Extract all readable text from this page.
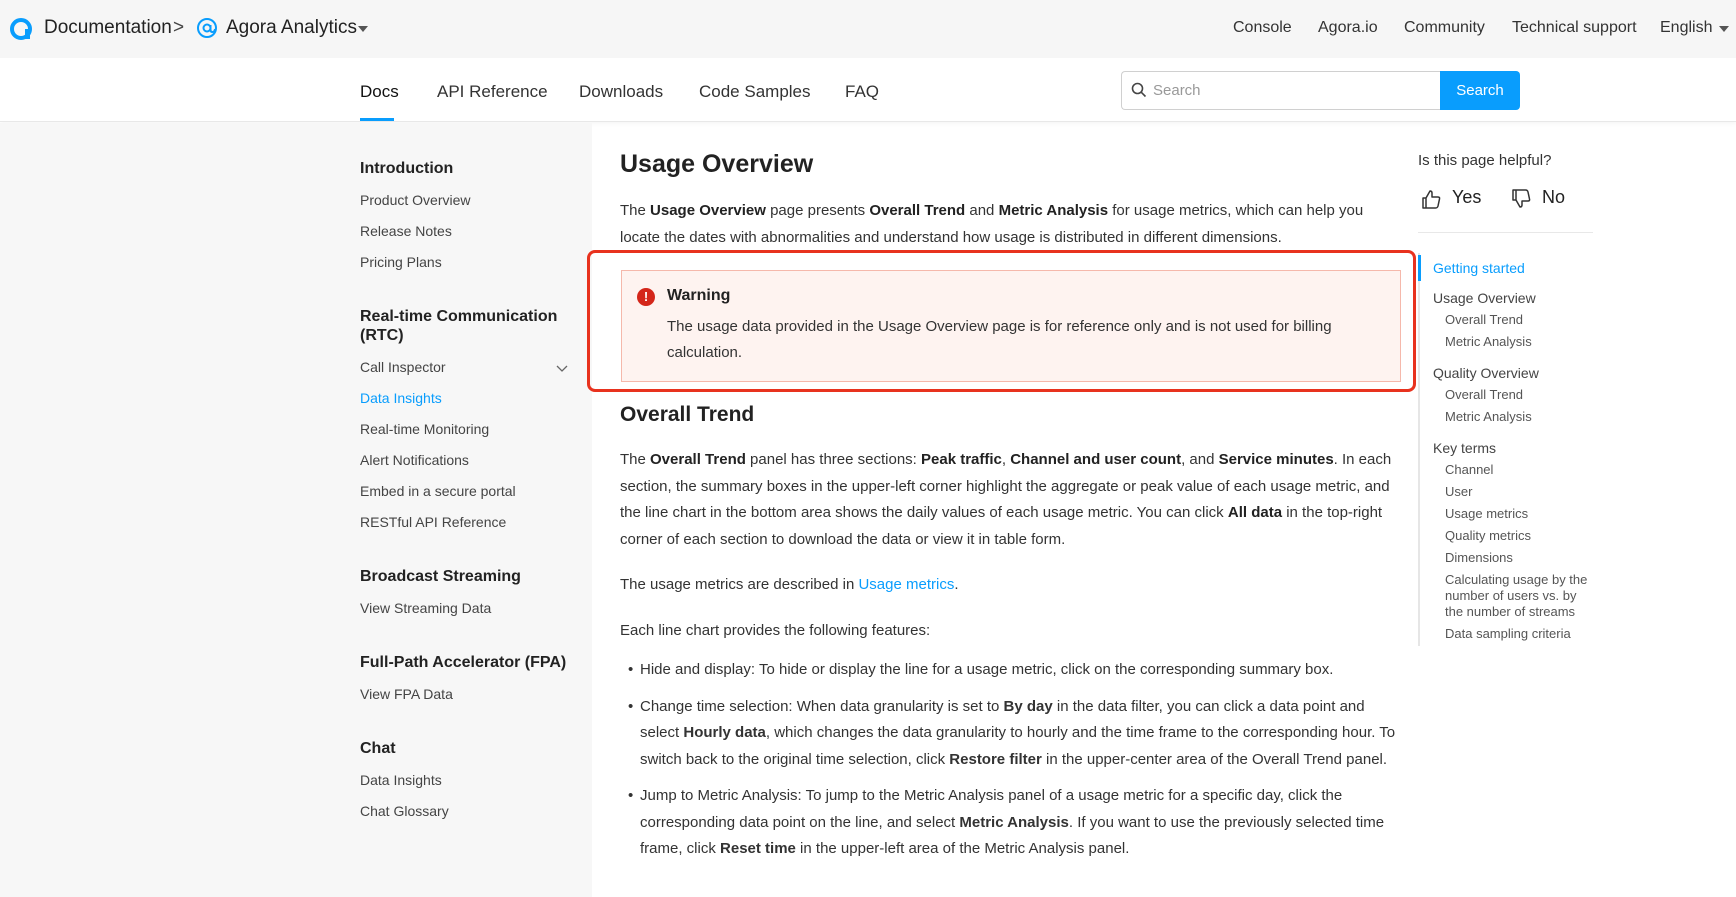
Documentation > Agora Analytics	Console Agora.io Community Technical support English
Docs API Reference Downloads Code Samples FAQ
Search	Search
Introduction
Product Overview
Release Notes
Pricing Plans
Real-time Communication (RTC)
Call Inspector
Data Insights
Real-time Monitoring
Alert Notifications
Embed in a secure portal
RESTful API Reference
Broadcast Streaming
View Streaming Data
Full-Path Accelerator (FPA)
View FPA Data
Chat
Data Insights
Chat Glossary
Usage Overview

The Usage Overview page presents Overall Trend and Metric Analysis for usage metrics, which can help you locate the dates with abnormalities and understand how usage is distributed in different dimensions.

!	Warning

The usage data provided in the Usage Overview page is for reference only and is not used for billing calculation.

Overall Trend

The Overall Trend panel has three sections: Peak traffic, Channel and user count, and Service minutes. In each section, the summary boxes in the upper-left corner highlight the aggregate or peak value of each usage metric, and the line chart in the bottom area shows the daily values of each usage metric. You can click All data in the top-right corner of each section to download the data or view it in table form.

The usage metrics are described in Usage metrics.

Each line chart provides the following features:

• Hide and display: To hide or display the line for a usage metric, click on the corresponding summary box.
• Change time selection: When data granularity is set to By day in the data filter, you can click a data point and select Hourly data, which changes the data granularity to hourly and the time frame to the corresponding hour. To switch back to the original time selection, click Restore filter in the upper-center area of the Overall Trend panel.
• Jump to Metric Analysis: To jump to the Metric Analysis panel of a usage metric for a specific day, click the corresponding data point on the line, and select Metric Analysis. If you want to use the previously selected time frame, click Reset time in the upper-left area of the Metric Analysis panel.
Is this page helpful?
Yes	No
Getting started
Usage Overview
Overall Trend
Metric Analysis
Quality Overview
Overall Trend
Metric Analysis
Key terms
Channel
User
Usage metrics
Quality metrics
Dimensions
Calculating usage by the number of users vs. by the number of streams
Data sampling criteria
